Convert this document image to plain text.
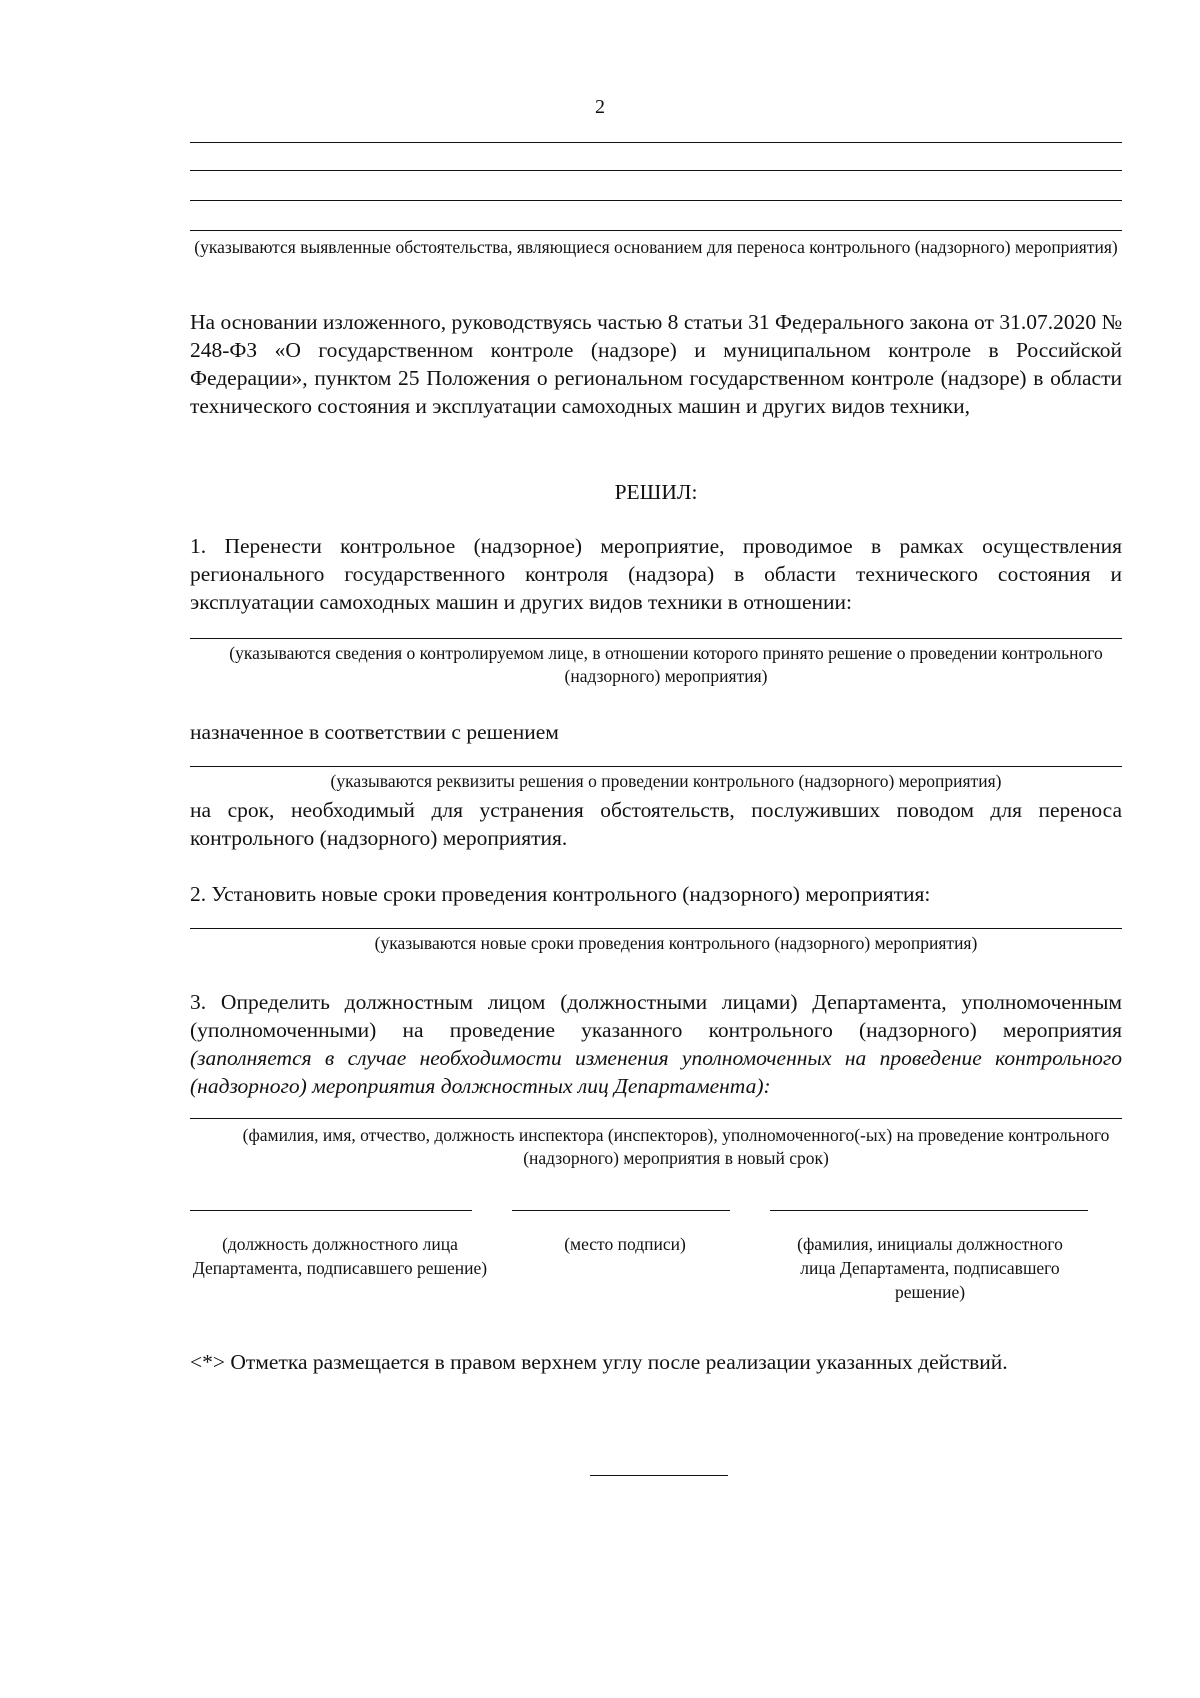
2
(указываются выявленные обстоятельства, являющиеся основанием для переноса контрольного (надзорного) мероприятия)
На основании изложенного, руководствуясь частью 8 статьи 31 Федерального закона от 31.07.2020 № 248-ФЗ «О государственном контроле (надзоре) и муниципальном контроле в Российской Федерации», пунктом 25 Положения о региональном государственном контроле (надзоре) в области технического состояния и эксплуатации самоходных машин и других видов техники,
РЕШИЛ:
1. Перенести контрольное (надзорное) мероприятие, проводимое в рамках осуществления регионального государственного контроля (надзора) в области технического состояния и эксплуатации самоходных машин и других видов техники в отношении:
(указываются сведения о контролируемом лице, в отношении которого принято решение о проведении контрольного (надзорного) мероприятия)
назначенное в соответствии с решением
(указываются реквизиты решения о проведении контрольного (надзорного) мероприятия)
на срок, необходимый для устранения обстоятельств, послуживших поводом для переноса контрольного (надзорного) мероприятия.
2. Установить новые сроки проведения контрольного (надзорного) мероприятия:
(указываются новые сроки проведения контрольного (надзорного) мероприятия)
3. Определить должностным лицом (должностными лицами) Департамента, уполномоченным (уполномоченными) на проведение указанного контрольного (надзорного) мероприятия (заполняется в случае необходимости изменения уполномоченных на проведение контрольного (надзорного) мероприятия должностных лиц Департамента):
(фамилия, имя, отчество, должность инспектора (инспекторов), уполномоченного(-ых) на проведение контрольного (надзорного) мероприятия в новый срок)
(должность должностного лица Департамента, подписавшего решение)
(место подписи)	(фамилия, инициалы должностного лица Департамента, подписавшего решение)
<*> Отметка размещается в правом верхнем углу после реализации указанных действий.
